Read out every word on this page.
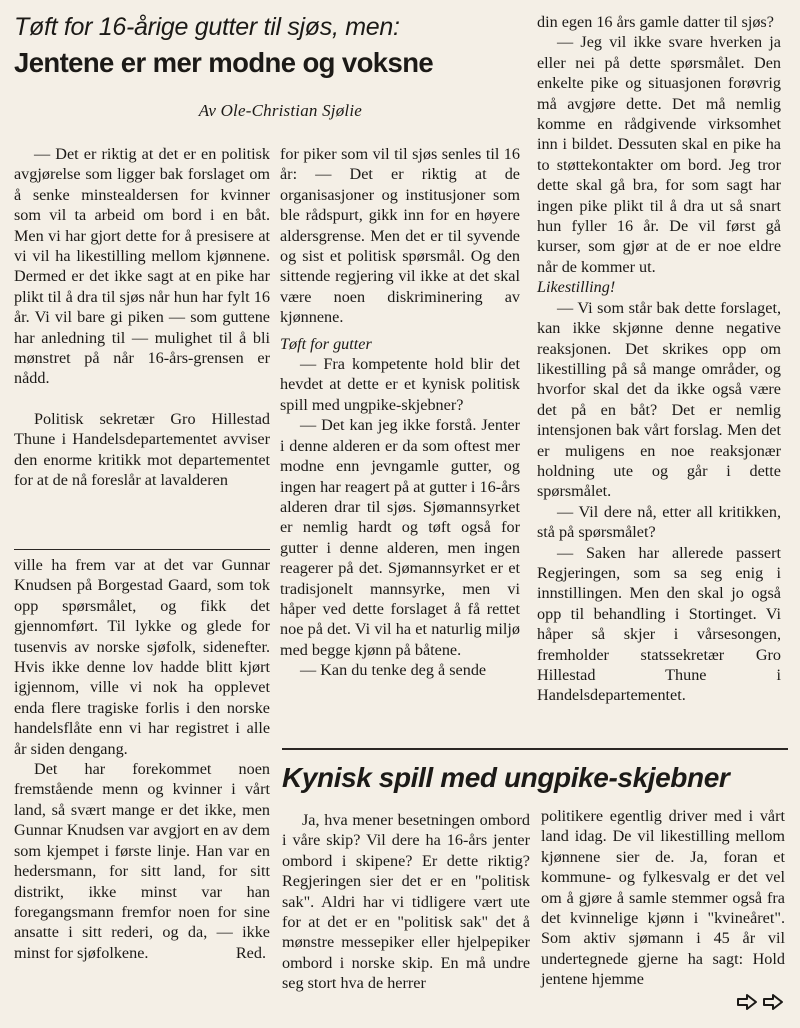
Tøft for 16-årige gutter til sjøs, men:
Jentene er mer modne og voksne
Av Ole-Christian Sjølie

— Det er riktig at det er en politisk avgjørelse som ligger bak forslaget om å senke minstealdersen for kvinner som vil ta arbeid om bord i en båt. Men vi har gjort dette for å presisere at vi vil ha likestilling mellom kjønnene. Dermed er det ikke sagt at en pike har plikt til å dra til sjøs når hun har fylt 16 år. Vi vil bare gi piken — som guttene har anledning til — mulighet til å bli mønstret på når 16-års-grensen er nådd.

Politisk sekretær Gro Hillestad Thune i Handelsdepartementet avviser den enorme kritikk mot departementet for at de nå foreslår at lavalderen

for piker som vil til sjøs senles til 16 år: — Det er riktig at de organisasjoner og institusjoner som ble rådspurt, gikk inn for en høyere aldersgrense. Men det er til syvende og sist et politisk spørsmål. Og den sittende regjering vil ikke at det skal være noen diskriminering av kjønnene.

Tøft for gutter

— Fra kompetente hold blir det hevdet at dette er et kynisk politisk spill med ungpike-skjebner?

— Det kan jeg ikke forstå. Jenter i denne alderen er da som oftest mer modne enn jevngamle gutter, og ingen har reagert på at gutter i 16-års alderen drar til sjøs. Sjømannsyrket er nemlig hardt og tøft også for gutter i denne alderen, men ingen reagerer på det. Sjømannsyrket er et tradisjonelt mannsyrke, men vi håper ved dette forslaget å få rettet noe på det. Vi vil ha et naturlig miljø med begge kjønn på båtene.

— Kan du tenke deg å sende

din egen 16 års gamle datter til sjøs?

— Jeg vil ikke svare hverken ja eller nei på dette spørsmålet. Den enkelte pike og situasjonen forøvrig må avgjøre dette. Det må nemlig komme en rådgivende virksomhet inn i bildet. Dessuten skal en pike ha to støttekontakter om bord. Jeg tror dette skal gå bra, for som sagt har ingen pike plikt til å dra ut så snart hun fyller 16 år. De vil først gå kurser, som gjør at de er noe eldre når de kommer ut.

Likestilling!

— Vi som står bak dette forslaget, kan ikke skjønne denne negative reaksjonen. Det skrikes opp om likestilling på så mange områder, og hvorfor skal det da ikke også være det på en båt? Det er nemlig intensjonen bak vårt forslag. Men det er muligens en noe reaksjonær holdning ute og går i dette spørsmålet.

— Vil dere nå, etter all kritikken, stå på spørsmålet?

— Saken har allerede passert Regjeringen, som sa seg enig i innstillingen. Men den skal jo også opp til behandling i Stortinget. Vi håper så skjer i vårsesongen, fremholder statssekretær Gro Hillestad Thune i Handelsdepartementet.

ville ha frem var at det var Gunnar Knudsen på Borgestad Gaard, som tok opp spørsmålet, og fikk det gjennomført. Til lykke og glede for tusenvis av norske sjøfolk, sidenefter. Hvis ikke denne lov hadde blitt kjørt igjennom, ville vi nok ha opplevet enda flere tragiske forlis i den norske handelsflåte enn vi har registret i alle år siden dengang.

Det har forekommet noen fremstående menn og kvinner i vårt land, så svært mange er det ikke, men Gunnar Knudsen var avgjort en av dem som kjempet i første linje. Han var en hedersmann, for sitt land, for sitt distrikt, ikke minst var han foregangsmann fremfor noen for sine ansatte i sitt rederi, og da, — ikke minst for sjøfolkene.	Red.

Kynisk spill med ungpike-skjebner

Ja, hva mener besetningen ombord i våre skip? Vil dere ha 16-års jenter ombord i skipene? Er dette riktig? Regjeringen sier det er en "politisk sak". Aldri har vi tidligere vært ute for at det er en "politisk sak" det å mønstre messepiker eller hjelpepiker ombord i norske skip. En må undre seg stort hva de herrer

politikere egentlig driver med i vårt land idag. De vil likestilling mellom kjønnene sier de. Ja, foran et kommune- og fylkesvalg er det vel om å gjøre å samle stemmer også fra det kvinnelige kjønn i "kvineåret". Som aktiv sjømann i 45 år vil undertegnede gjerne ha sagt: Hold jentene hjemme
